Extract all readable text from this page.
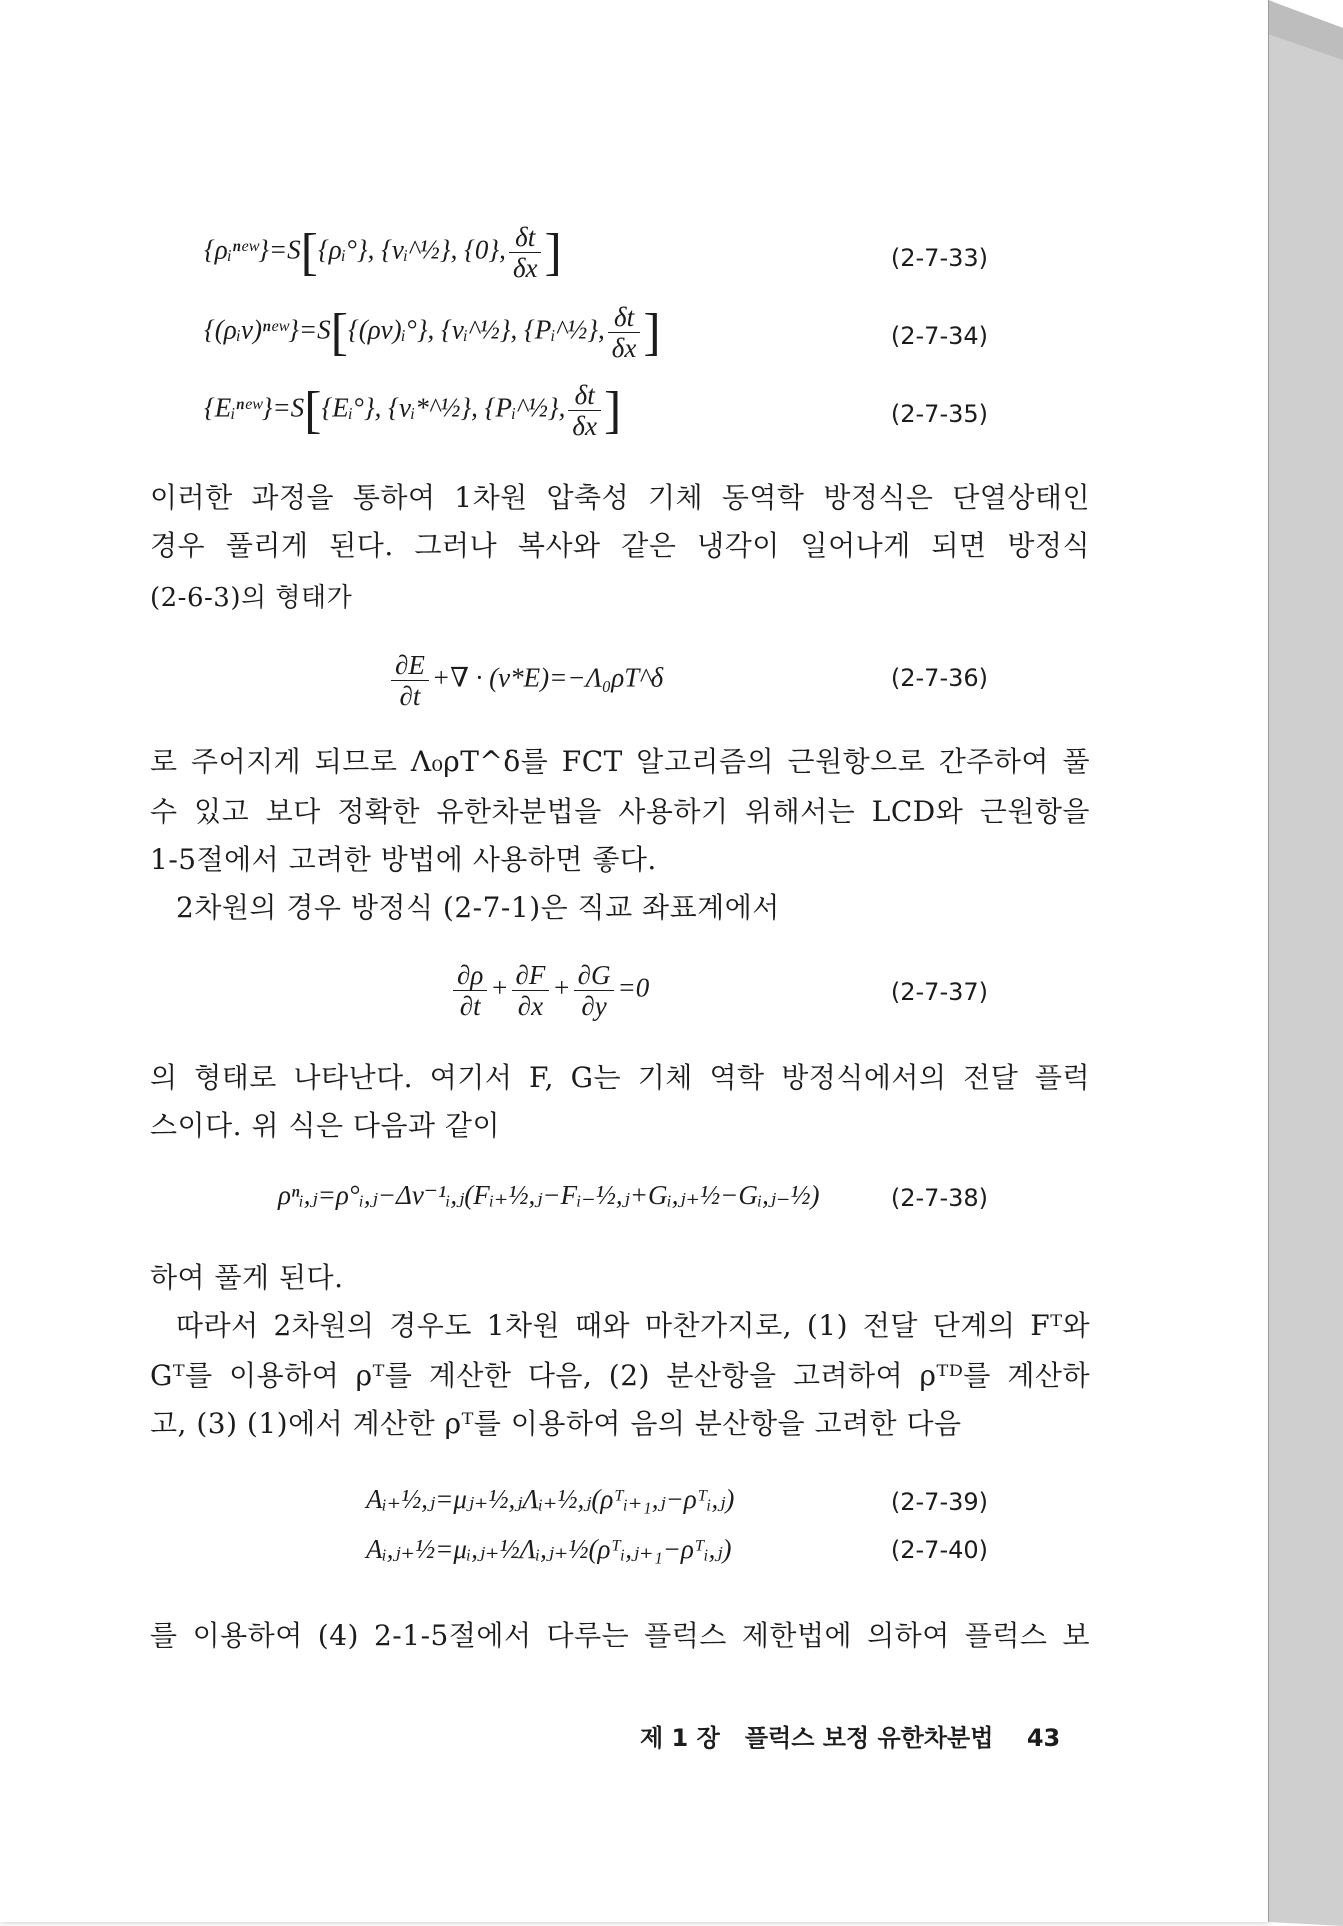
{ρᵢⁿᵉʷ}=S[{ρᵢ°}, {vᵢ^½}, {0}, $\frac{\delta t}{\delta x}$ ]	(2-7-33)
{(ρᵢv)ⁿᵉʷ}=S[{(ρv)ᵢ°}, {vᵢ^½}, {Pᵢ^½}, $\frac{\delta t}{\delta x}$ ]	(2-7-34)
{Eᵢⁿᵉʷ}=S[{Eᵢ°}, {vᵢ*^½}, {Pᵢ^½}, $\frac{\delta t}{\delta x}$ ]	(2-7-35)

이러한 과정을 통하여 1차원 압축성 기체 동역학 방정식은 단열상태인

경우 풀리게 된다. 그러나 복사와 같은 냉각이 일어나게 되면 방정식

(2-6-3)의 형태가

$\frac{\partial E}{\partial t}$ +∇ · (v*E)=−Λ₀ρT^δ	(2-7-36)

로 주어지게 되므로 Λ₀ρT^δ를 FCT 알고리즘의 근원항으로 간주하여 풀

수 있고 보다 정확한 유한차분법을 사용하기 위해서는 LCD와 근원항을

1-5절에서 고려한 방법에 사용하면 좋다.

2차원의 경우 방정식 (2-7-1)은 직교 좌표계에서

$\frac{\partial\rho}{\partial t} + \frac{\partial F}{\partial x} + \frac{\partial G}{\partial y} =0$	(2-7-37)

의 형태로 나타난다. 여기서 F, G는 기체 역학 방정식에서의 전달 플럭

스이다. 위 식은 다음과 같이

ρⁿᵢ,ⱼ=ρ°ᵢ,ⱼ−Δv⁻¹ᵢ,ⱼ(Fᵢ₊½,ⱼ−Fᵢ₋½,ⱼ+Gᵢ,ⱼ₊½−Gᵢ,ⱼ₋½)	(2-7-38)

하여 풀게 된다.

따라서 2차원의 경우도 1차원 때와 마찬가지로, (1) 전달 단계의 Fᵀ와

Gᵀ를 이용하여 ρᵀ를 계산한 다음, (2) 분산항을 고려하여 ρᵀᴰ를 계산하

고, (3) (1)에서 계산한 ρᵀ를 이용하여 음의 분산항을 고려한 다음

Aᵢ₊½,ⱼ=μⱼ₊½,ⱼΛᵢ₊½,ⱼ(ρᵀᵢ₊₁,ⱼ−ρᵀᵢ,ⱼ)	(2-7-39)
Aᵢ,ⱼ₊½=μᵢ,ⱼ₊½Λᵢ,ⱼ₊½(ρᵀᵢ,ⱼ₊₁−ρᵀᵢ,ⱼ)	(2-7-40)

를 이용하여 (4) 2-1-5절에서 다루는 플럭스 제한법에 의하여 플럭스 보

제 1 장 플럭스 보정 유한차분법 43
